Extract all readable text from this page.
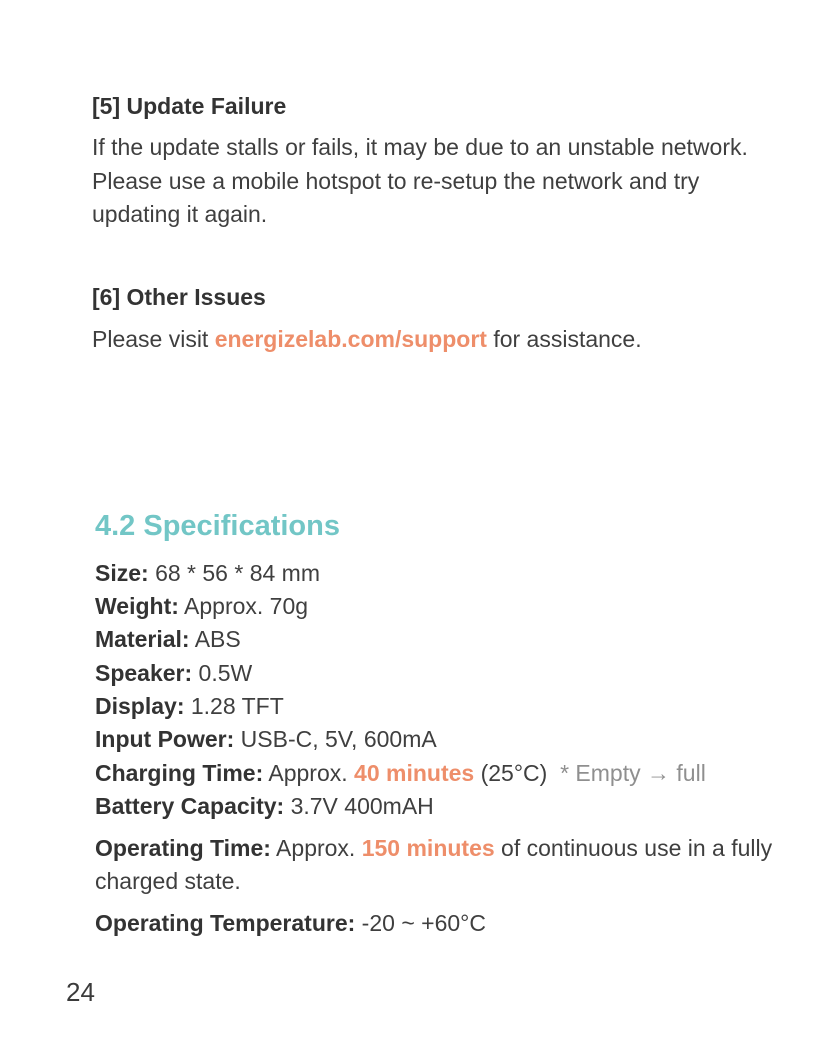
[5] Update Failure

If the update stalls or fails, it may be due to an unstable network. Please use a mobile hotspot to re-setup the network and try updating it again.

[6] Other Issues

Please visit energizelab.com/support for assistance.

4.2 Specifications

Size: 68 * 56 * 84 mm

Weight: Approx. 70g

Material: ABS

Speaker: 0.5W

Display: 1.28 TFT

Input Power: USB-C, 5V, 600mA

Charging Time: Approx. 40 minutes (25°C)  * Empty → full

Battery Capacity: 3.7V 400mAH

Operating Time: Approx. 150 minutes of continuous use in a fully charged state.

Operating Temperature: -20 ~ +60°C

24
